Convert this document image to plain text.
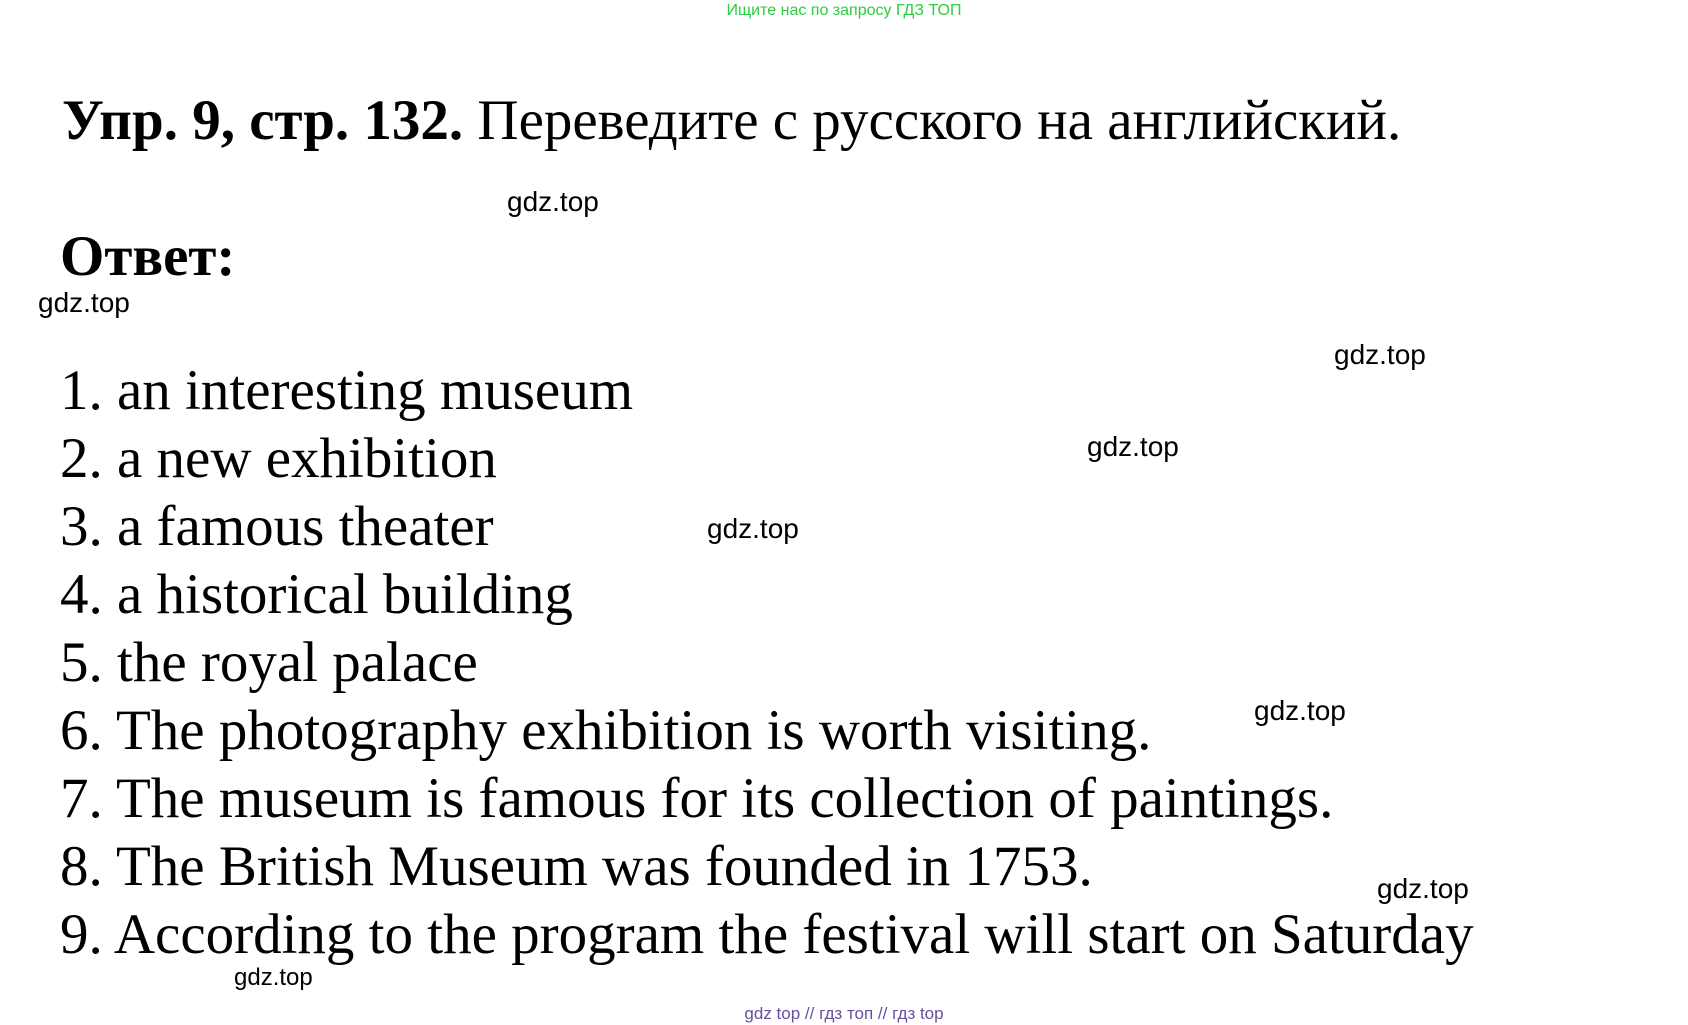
Ищите нас по запросу ГДЗ ТОП
Упр. 9, стр. 132. Переведите с русского на английский.
Ответ:
1. an interesting museum
2. a new exhibition
3. a famous theater
4. a historical building
5. the royal palace
6. The photography exhibition is worth visiting.
7. The museum is famous for its collection of paintings.
8. The British Museum was founded in 1753.
9. According to the program the festival will start on Saturday
gdz.top
gdz.top
gdz.top
gdz.top
gdz.top
gdz.top
gdz.top
gdz.top
gdz top // гдз топ // гдз top
